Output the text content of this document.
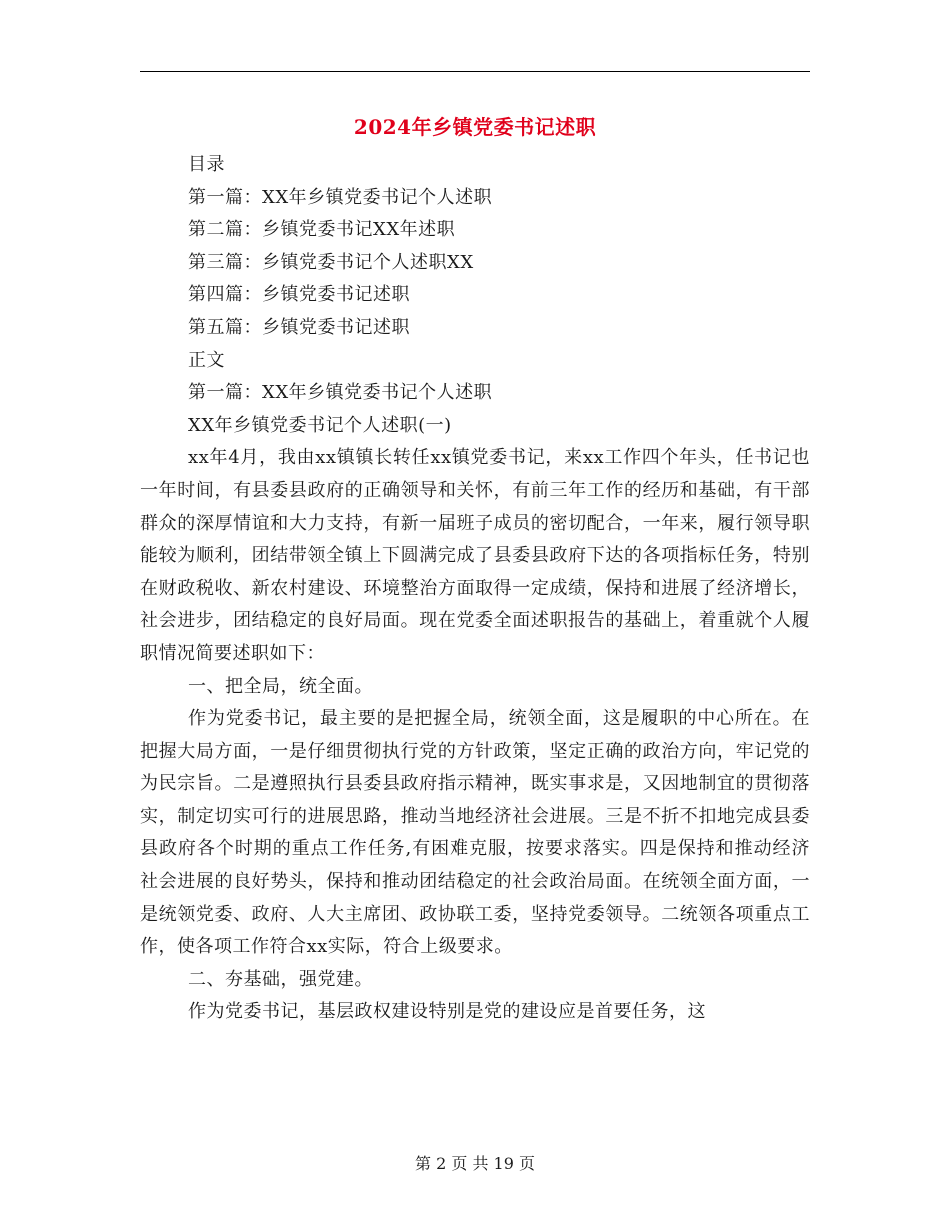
2024年乡镇党委书记述职
目录
第一篇：XX年乡镇党委书记个人述职
第二篇：乡镇党委书记XX年述职
第三篇：乡镇党委书记个人述职XX
第四篇：乡镇党委书记述职
第五篇：乡镇党委书记述职
正文
第一篇：XX年乡镇党委书记个人述职
XX年乡镇党委书记个人述职(一)
xx年4月，我由xx镇镇长转任xx镇党委书记，来xx工作四个年头，任书记也一年时间，有县委县政府的正确领导和关怀，有前三年工作的经历和基础，有干部群众的深厚情谊和大力支持，有新一届班子成员的密切配合，一年来，履行领导职能较为顺利，团结带领全镇上下圆满完成了县委县政府下达的各项指标任务，特别在财政税收、新农村建设、环境整治方面取得一定成绩，保持和进展了经济增长，社会进步，团结稳定的良好局面。现在党委全面述职报告的基础上，着重就个人履职情况简要述职如下：
一、把全局，统全面。
作为党委书记，最主要的是把握全局，统领全面，这是履职的中心所在。在把握大局方面，一是仔细贯彻执行党的方针政策，坚定正确的政治方向，牢记党的为民宗旨。二是遵照执行县委县政府指示精神，既实事求是，又因地制宜的贯彻落实，制定切实可行的进展思路，推动当地经济社会进展。三是不折不扣地完成县委县政府各个时期的重点工作任务,有困难克服，按要求落实。四是保持和推动经济社会进展的良好势头，保持和推动团结稳定的社会政治局面。在统领全面方面，一是统领党委、政府、人大主席团、政协联工委，坚持党委领导。二统领各项重点工作，使各项工作符合xx实际，符合上级要求。
二、夯基础，强党建。
作为党委书记，基层政权建设特别是党的建设应是首要任务，这
第 2 页 共 19 页
